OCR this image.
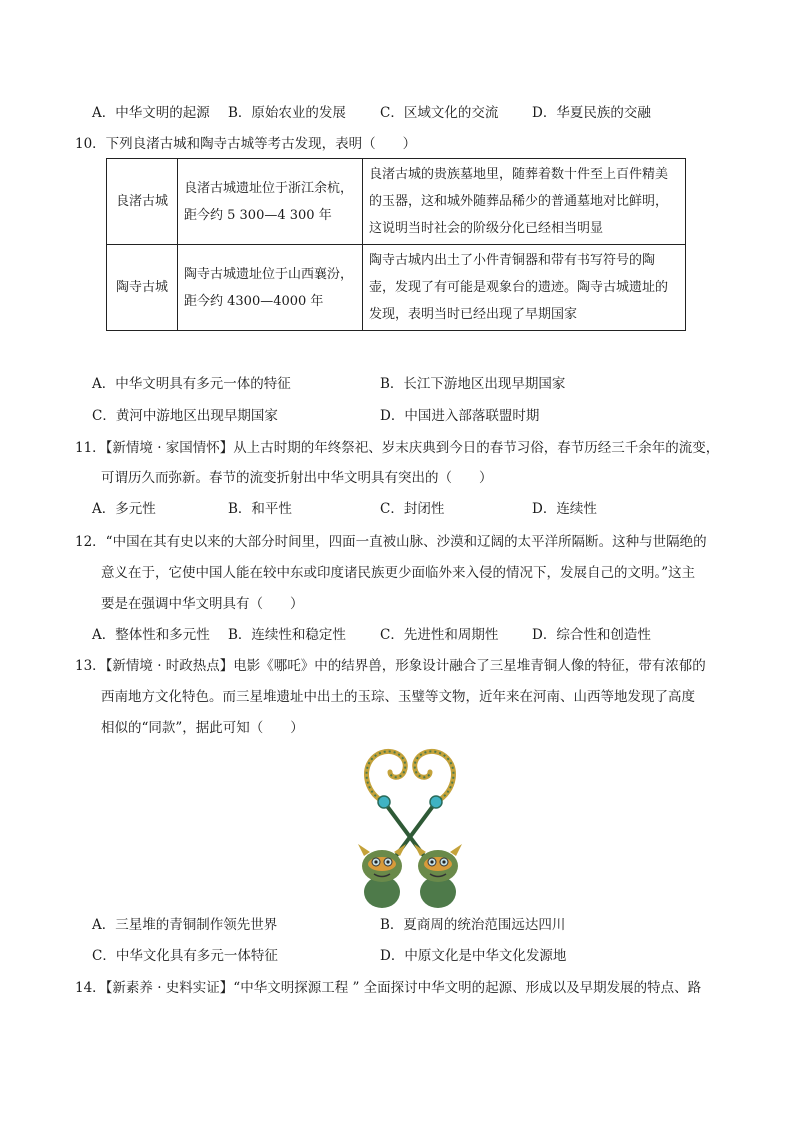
A．中华文明的起源 B．原始农业的发展	C．区域文化的交流 D．华夏民族的交融
10．下列良渚古城和陶寺古城等考古发现，表明（　　）
良渚古城	良渚古城遗址位于浙江余杭，距今约 5 300—4 300 年	良渚古城的贵族墓地里，随葬着数十件至上百件精美的玉器，这和城外随葬品稀少的普通墓地对比鲜明，这说明当时社会的阶级分化已经相当明显
陶寺古城	陶寺古城遗址位于山西襄汾，距今约 4300—4000 年	陶寺古城内出土了小件青铜器和带有书写符号的陶壶，发现了有可能是观象台的遗迹。陶寺古城遗址的发现，表明当时已经出现了早期国家
A．中华文明具有多元一体的特征	B．长江下游地区出现早期国家
C．黄河中游地区出现早期国家	D．中国进入部落联盟时期
11．【新情境 · 家国情怀】从上古时期的年终祭祀、岁末庆典到今日的春节习俗，春节历经三千余年的流变，
可谓历久而弥新。春节的流变折射出中华文明具有突出的（　　）
A．多元性	B．和平性	C．封闭性	D．连续性
12．“中国在其有史以来的大部分时间里，四面一直被山脉、沙漠和辽阔的太平洋所隔断。这种与世隔绝的
意义在于，它使中国人能在较中东或印度诸民族更少面临外来入侵的情况下，发展自己的文明。”这主
要是在强调中华文明具有（　　）
A．整体性和多元性 B．连续性和稳定性	C．先进性和周期性 D．综合性和创造性
13．【新情境 · 时政热点】电影《哪吒》中的结界兽，形象设计融合了三星堆青铜人像的特征，带有浓郁的
西南地方文化特色。而三星堆遗址中出土的玉琮、玉璧等文物，近年来在河南、山西等地发现了高度
相似的“同款”，据此可知（　　）
A．三星堆的青铜制作领先世界	B．夏商周的统治范围远达四川
C．中华文化具有多元一体特征	D．中原文化是中华文化发源地
14．【新素养 · 史料实证】“中华文明探源工程 ” 全面探讨中华文明的起源、形成以及早期发展的特点、路
